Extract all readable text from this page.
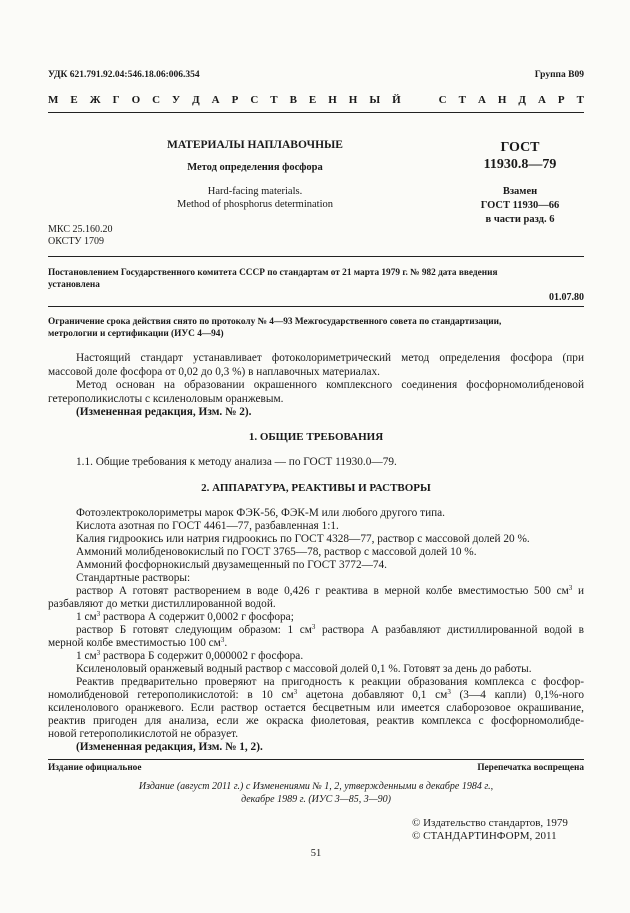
УДК 621.791.92.04:546.18.06:006.354	Группа В09
М Е Ж Г О С У Д А Р С Т В Е Н Н Ы Й	С Т А Н Д А Р Т
МАТЕРИАЛЫ НАПЛАВОЧНЫЕ
Метод определения фосфора
Hard-facing materials.
Method of phosphorus determination
ГОСТ
11930.8—79
Взамен
ГОСТ 11930—66
в части разд. 6
МКС 25.160.20
ОКСТУ 1709
Постановлением Государственного комитета СССР по стандартам от 21 марта 1979 г. № 982 дата введения
установлена
01.07.80
Ограничение срока действия снято по протоколу № 4—93 Межгосударственного совета по стандартизации,
метрологии и сертификации (ИУС 4—94)
Настоящий стандарт устанавливает фотоколориметрический метод определения фосфора (при
массовой доле фосфора от 0,02 до 0,3 %) в наплавочных материалах.
Метод основан на образовании окрашенного комплексного соединения фосфорномолибденовой
гетерополикислоты с ксиленоловым оранжевым.
(Измененная редакция, Изм. № 2).
1. ОБЩИЕ ТРЕБОВАНИЯ
1.1. Общие требования к методу анализа — по ГОСТ 11930.0—79.
2. АППАРАТУРА, РЕАКТИВЫ И РАСТВОРЫ
Фотоэлектроколориметры марок ФЭК-56, ФЭК-М или любого другого типа.
Кислота азотная по ГОСТ 4461—77, разбавленная 1:1.
Калия гидроокись или натрия гидроокись по ГОСТ 4328—77, раствор с массовой долей 20 %.
Аммоний молибденовокислый по ГОСТ 3765—78, раствор с массовой долей 10 %.
Аммоний фосфорнокислый двузамещенный по ГОСТ 3772—74.
Стандартные растворы:
раствор А готовят растворением в воде 0,426 г реактива в мерной колбе вместимостью 500 $см^3$ и
разбавляют до метки дистиллированной водой.
1 $см^3$ раствора А содержит 0,0002 г фосфора;
раствор Б готовят следующим образом: 1 $см^3$ раствора А разбавляют дистиллированной водой в
мерной колбе вместимостью 100 $см^3$.
1 $см^3$ раствора Б содержит 0,000002 г фосфора.
Ксиленоловый оранжевый водный раствор с массовой долей 0,1 %. Готовят за день до работы.
Реактив предварительно проверяют на пригодность к реакции образования комплекса с фосфор-
номолибденовой гетерополикислотой: в 10 $см^3$ ацетона добавляют 0,1 $см^3$ (3—4 капли) 0,1%-ного
ксиленолового оранжевого. Если раствор остается бесцветным или имеется слаборозовое окрашивание,
реактив пригоден для анализа, если же окраска фиолетовая, реактив комплекса с фосфорномолибде-
новой гетерополикислотой не образует.
(Измененная редакция, Изм. № 1, 2).
Издание официальное	Перепечатка воспрещена
Издание (август 2011 г.) с Изменениями № 1, 2, утвержденными в декабре 1984 г.,
декабре 1989 г. (ИУС 3—85, 3—90)
© Издательство стандартов, 1979
© СТАНДАРТИНФОРМ, 2011
51
